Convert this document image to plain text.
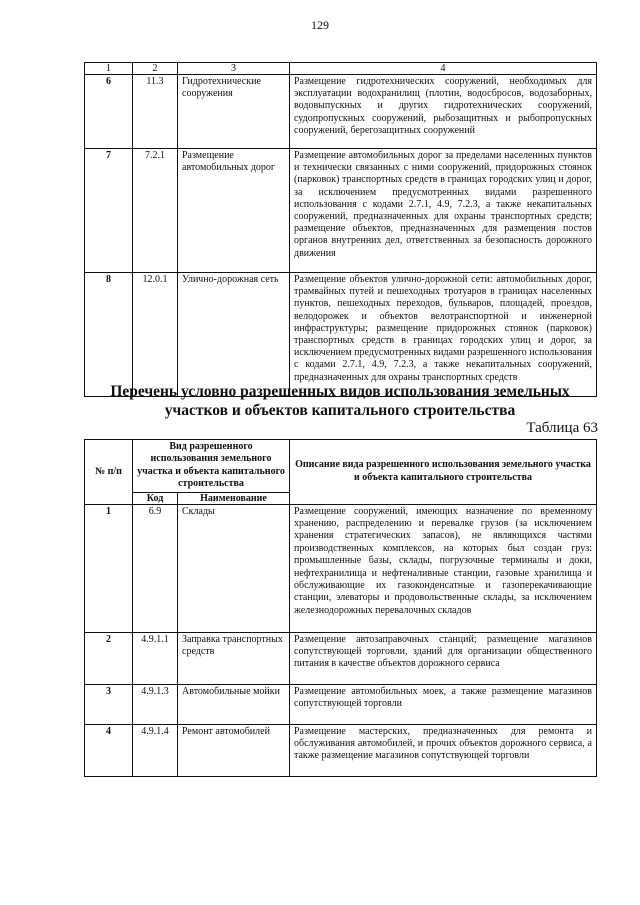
129
1	2	3	4
6	11.3	Гидротехнические сооружения	Размещение гидротехнических сооружений, необходимых для эксплуатации водохранилищ (плотин, водосбросов, водозаборных, водовыпускных и других гидротехнических сооружений, судопропускных сооружений, рыбозащитных и рыбопропускных сооружений, берегозащитных сооружений
7	7.2.1	Размещение автомобильных дорог	Размещение автомобильных дорог за пределами населенных пунктов и технически связанных с ними сооружений, придорожных стоянок (парковок) транспортных средств в границах городских улиц и дорог, за исключением предусмотренных видами разрешенного использования с кодами 2.7.1, 4.9, 7.2.3, а также некапитальных сооружений, предназначенных для охраны транспортных средств; размещение объектов, предназначенных для размещения постов органов внутренних дел, ответственных за безопасность дорожного движения
8	12.0.1	Улично-дорожная сеть	Размещение объектов улично-дорожной сети: автомобильных дорог, трамвайных путей и пешеходных тротуаров в границах населенных пунктов, пешеходных переходов, бульваров, площадей, проездов, велодорожек и объектов велотранспортной и инженерной инфраструктуры; размещение придорожных стоянок (парковок) транспортных средств в границах городских улиц и дорог, за исключением предусмотренных видами разрешенного использования с кодами 2.7.1, 4.9, 7.2.3, а также некапитальных сооружений, предназначенных для охраны транспортных средств
Перечень условно разрешенных видов использования земельных участков и объектов капитального строительства
Таблица 63
№ п/п	Вид разрешенного использования земельного участка и объекта капитального строительства		Описание вида разрешенного использования земельного участка и объекта капитального строительства
	Код	Наименование	
1	6.9	Склады	Размещение сооружений, имеющих назначение по временному хранению, распределению и перевалке грузов (за исключением хранения стратегических запасов), не являющихся частями производственных комплексов, на которых был создан груз: промышленные базы, склады, погрузочные терминалы и доки, нефтехранилища и нефтеналивные станции, газовые хранилища и обслуживающие их газоконденсатные и газоперекачивающие станции, элеваторы и продовольственные склады, за исключением железнодорожных перевалочных складов
2	4.9.1.1	Заправка транспортных средств	Размещение автозаправочных станций; размещение магазинов сопутствующей торговли, зданий для организации общественного питания в качестве объектов дорожного сервиса
3	4.9.1.3	Автомобильные мойки	Размещение автомобильных моек, а также размещение магазинов сопутствующей торговли
4	4.9.1.4	Ремонт автомобилей	Размещение мастерских, предназначенных для ремонта и обслуживания автомобилей, и прочих объектов дорожного сервиса, а также размещение магазинов сопутствующей торговли
